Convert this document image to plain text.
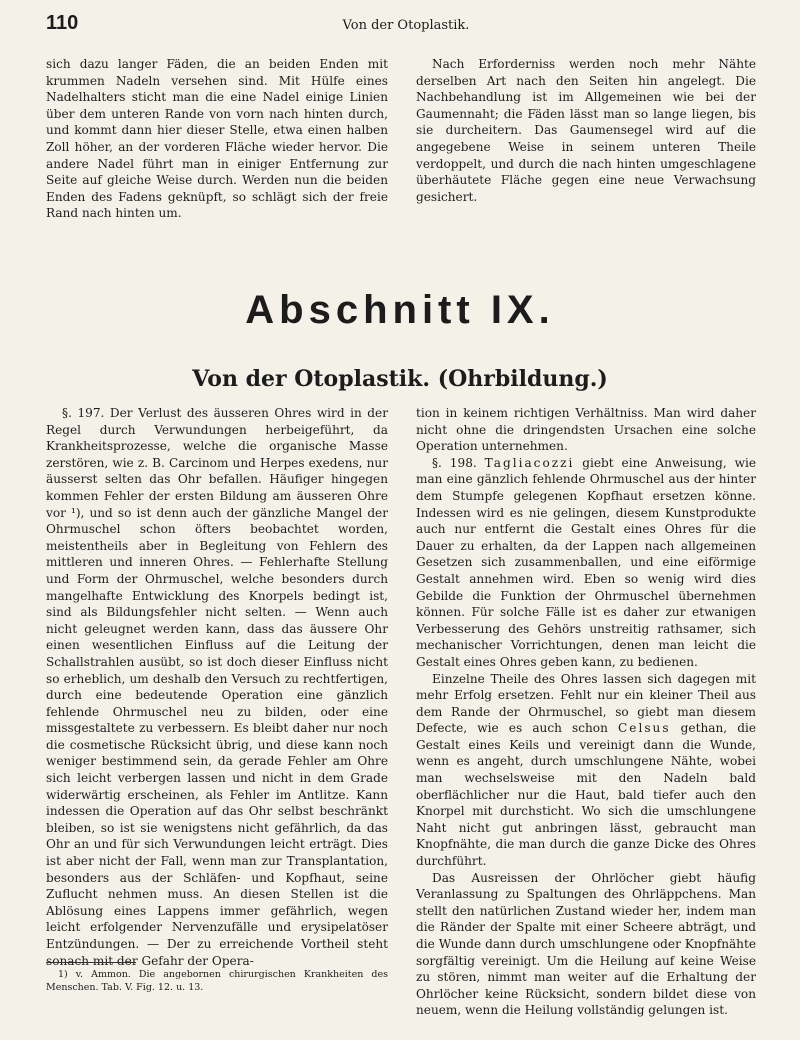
110	Von der Otoplastik.

sich dazu langer Fäden, die an beiden Enden mit krummen Nadeln versehen sind. Mit Hülfe eines Nadelhalters sticht man die eine Nadel einige Linien über dem unteren Rande von vorn nach hinten durch, und kommt dann hier dieser Stelle, etwa einen halben Zoll höher, an der vorderen Fläche wieder hervor. Die andere Nadel führt man in einiger Entfernung zur Seite auf gleiche Weise durch. Werden nun die beiden Enden des Fadens geknüpft, so schlägt sich der freie Rand nach hinten um.

Nach Erforderniss werden noch mehr Nähte derselben Art nach den Seiten hin angelegt. Die Nachbehandlung ist im Allgemeinen wie bei der Gaumennaht; die Fäden lässt man so lange liegen, bis sie durcheitern. Das Gaumensegel wird auf die angegebene Weise in seinem unteren Theile verdoppelt, und durch die nach hinten umgeschlagene überhäutete Fläche gegen eine neue Verwachsung gesichert.

Abschnitt IX.
Von der Otoplastik. (Ohrbildung.)

§. 197. Der Verlust des äusseren Ohres wird in der Regel durch Verwundungen herbeigeführt, da Krankheitsprozesse, welche die organische Masse zerstören, wie z. B. Carcinom und Herpes exedens, nur äusserst selten das Ohr befallen. Häufiger hingegen kommen Fehler der ersten Bildung am äusseren Ohre vor ¹), und so ist denn auch der gänzliche Mangel der Ohrmuschel schon öfters beobachtet worden, meistentheils aber in Begleitung von Fehlern des mittleren und inneren Ohres. — Fehlerhafte Stellung und Form der Ohrmuschel, welche besonders durch mangelhafte Entwicklung des Knorpels bedingt ist, sind als Bildungsfehler nicht selten. — Wenn auch nicht geleugnet werden kann, dass das äussere Ohr einen wesentlichen Einfluss auf die Leitung der Schallstrahlen ausübt, so ist doch dieser Einfluss nicht so erheblich, um deshalb den Versuch zu rechtfertigen, durch eine bedeutende Operation eine gänzlich fehlende Ohrmuschel neu zu bilden, oder eine missgestaltete zu verbessern. Es bleibt daher nur noch die cosmetische Rücksicht übrig, und diese kann noch weniger bestimmend sein, da gerade Fehler am Ohre sich leicht verbergen lassen und nicht in dem Grade widerwärtig erscheinen, als Fehler im Antlitze. Kann indessen die Operation auf das Ohr selbst beschränkt bleiben, so ist sie wenigstens nicht gefährlich, da das Ohr an und für sich Verwundungen leicht erträgt. Dies ist aber nicht der Fall, wenn man zur Transplantation, besonders aus der Schläfen- und Kopfhaut, seine Zuflucht nehmen muss. An diesen Stellen ist die Ablösung eines Lappens immer gefährlich, wegen leicht erfolgender Nervenzufälle und erysipelatöser Entzündungen. — Der zu erreichende Vortheil steht sonach mit der Gefahr der Opera-

tion in keinem richtigen Verhältniss. Man wird daher nicht ohne die dringendsten Ursachen eine solche Operation unternehmen.

§. 198. Tagliacozzi giebt eine Anweisung, wie man eine gänzlich fehlende Ohrmuschel aus der hinter dem Stumpfe gelegenen Kopfhaut ersetzen könne. Indessen wird es nie gelingen, diesem Kunstprodukte auch nur entfernt die Gestalt eines Ohres für die Dauer zu erhalten, da der Lappen nach allgemeinen Gesetzen sich zusammenballen, und eine eiförmige Gestalt annehmen wird. Eben so wenig wird dies Gebilde die Funktion der Ohrmuschel übernehmen können. Für solche Fälle ist es daher zur etwanigen Verbesserung des Gehörs unstreitig rathsamer, sich mechanischer Vorrichtungen, denen man leicht die Gestalt eines Ohres geben kann, zu bedienen.

Einzelne Theile des Ohres lassen sich dagegen mit mehr Erfolg ersetzen. Fehlt nur ein kleiner Theil aus dem Rande der Ohrmuschel, so giebt man diesem Defecte, wie es auch schon Celsus gethan, die Gestalt eines Keils und vereinigt dann die Wunde, wenn es angeht, durch umschlungene Nähte, wobei man wechselsweise mit den Nadeln bald oberflächlicher nur die Haut, bald tiefer auch den Knorpel mit durchsticht. Wo sich die umschlungene Naht nicht gut anbringen lässt, gebraucht man Knopfnähte, die man durch die ganze Dicke des Ohres durchführt.

Das Ausreissen der Ohrlöcher giebt häufig Veranlassung zu Spaltungen des Ohrläppchens. Man stellt den natürlichen Zustand wieder her, indem man die Ränder der Spalte mit einer Scheere abträgt, und die Wunde dann durch umschlungene oder Knopfnähte sorgfältig vereinigt. Um die Heilung auf keine Weise zu stören, nimmt man weiter auf die Erhaltung der Ohrlöcher keine Rücksicht, sondern bildet diese von neuem, wenn die Heilung vollständig gelungen ist.

1) v. Ammon. Die angebornen chirurgischen Krankheiten des Menschen. Tab. V. Fig. 12. u. 13.
